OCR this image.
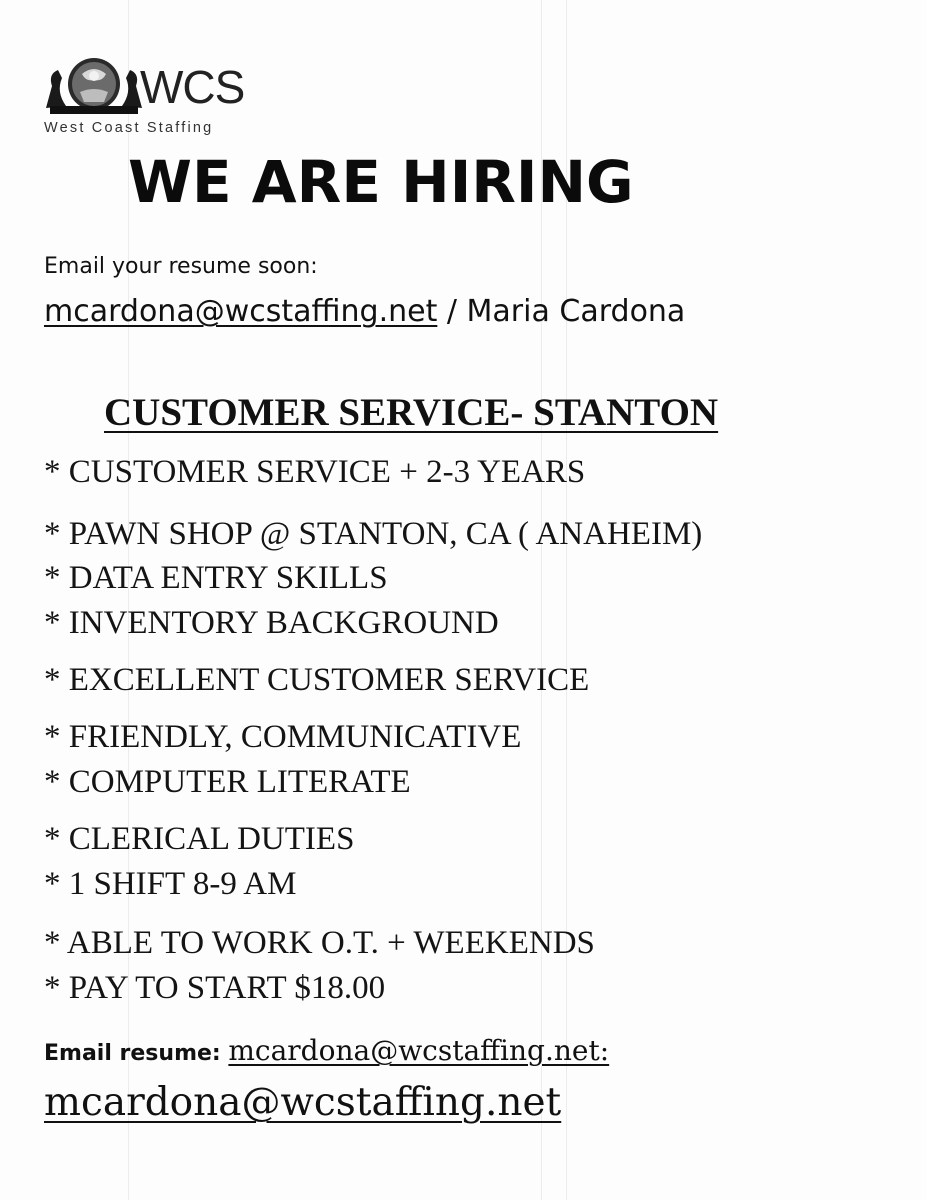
WCS
West Coast Staffing
WE ARE HIRING
Email your resume soon:
mcardona@wcstaffing.net / Maria Cardona
CUSTOMER SERVICE- STANTON
* CUSTOMER SERVICE + 2-3 YEARS
* PAWN SHOP @ STANTON, CA ( ANAHEIM)
* DATA ENTRY SKILLS
* INVENTORY BACKGROUND
* EXCELLENT CUSTOMER SERVICE
* FRIENDLY, COMMUNICATIVE
* COMPUTER LITERATE
* CLERICAL DUTIES
* 1 SHIFT 8-9 AM
* ABLE TO WORK O.T. + WEEKENDS
* PAY TO START $18.00
Email resume: mcardona@wcstaffing.net:
mcardona@wcstaffing.net
